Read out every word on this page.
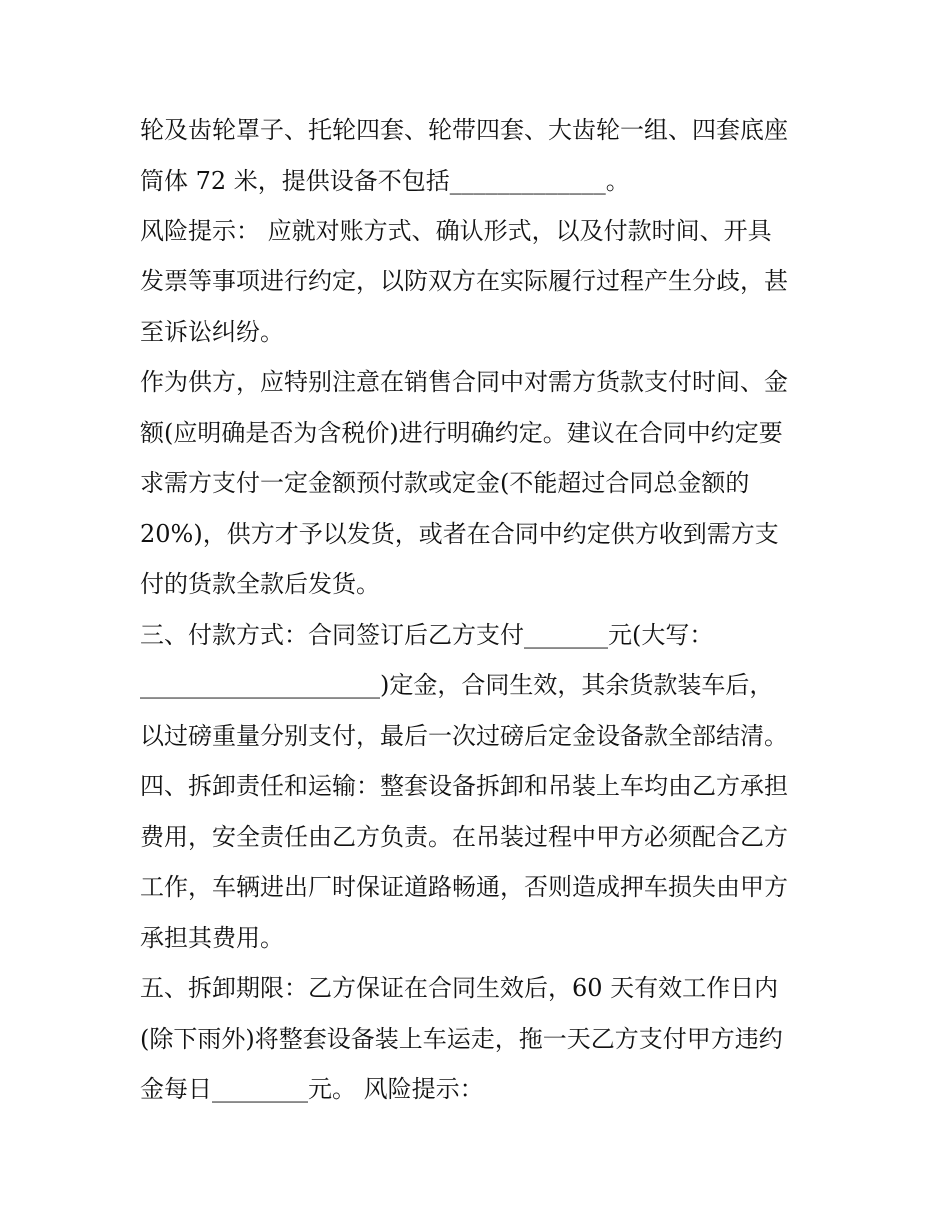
轮及齿轮罩子、托轮四套、轮带四套、大齿轮一组、四套底座
筒体 72 米，提供设备不包括_____________。
风险提示： 应就对账方式、确认形式，以及付款时间、开具
发票等事项进行约定，以防双方在实际履行过程产生分歧，甚
至诉讼纠纷。
作为供方，应特别注意在销售合同中对需方货款支付时间、金
额(应明确是否为含税价)进行明确约定。建议在合同中约定要
求需方支付一定金额预付款或定金(不能超过合同总金额的
20%)，供方才予以发货，或者在合同中约定供方收到需方支
付的货款全款后发货。
三、付款方式：合同签订后乙方支付_______元(大写：
____________________)定金，合同生效，其余货款装车后，
以过磅重量分别支付，最后一次过磅后定金设备款全部结清。
四、拆卸责任和运输：整套设备拆卸和吊装上车均由乙方承担
费用，安全责任由乙方负责。在吊装过程中甲方必须配合乙方
工作，车辆进出厂时保证道路畅通，否则造成押车损失由甲方
承担其费用。
五、拆卸期限：乙方保证在合同生效后，60 天有效工作日内
(除下雨外)将整套设备装上车运走，拖一天乙方支付甲方违约
金每日________元。 风险提示：
